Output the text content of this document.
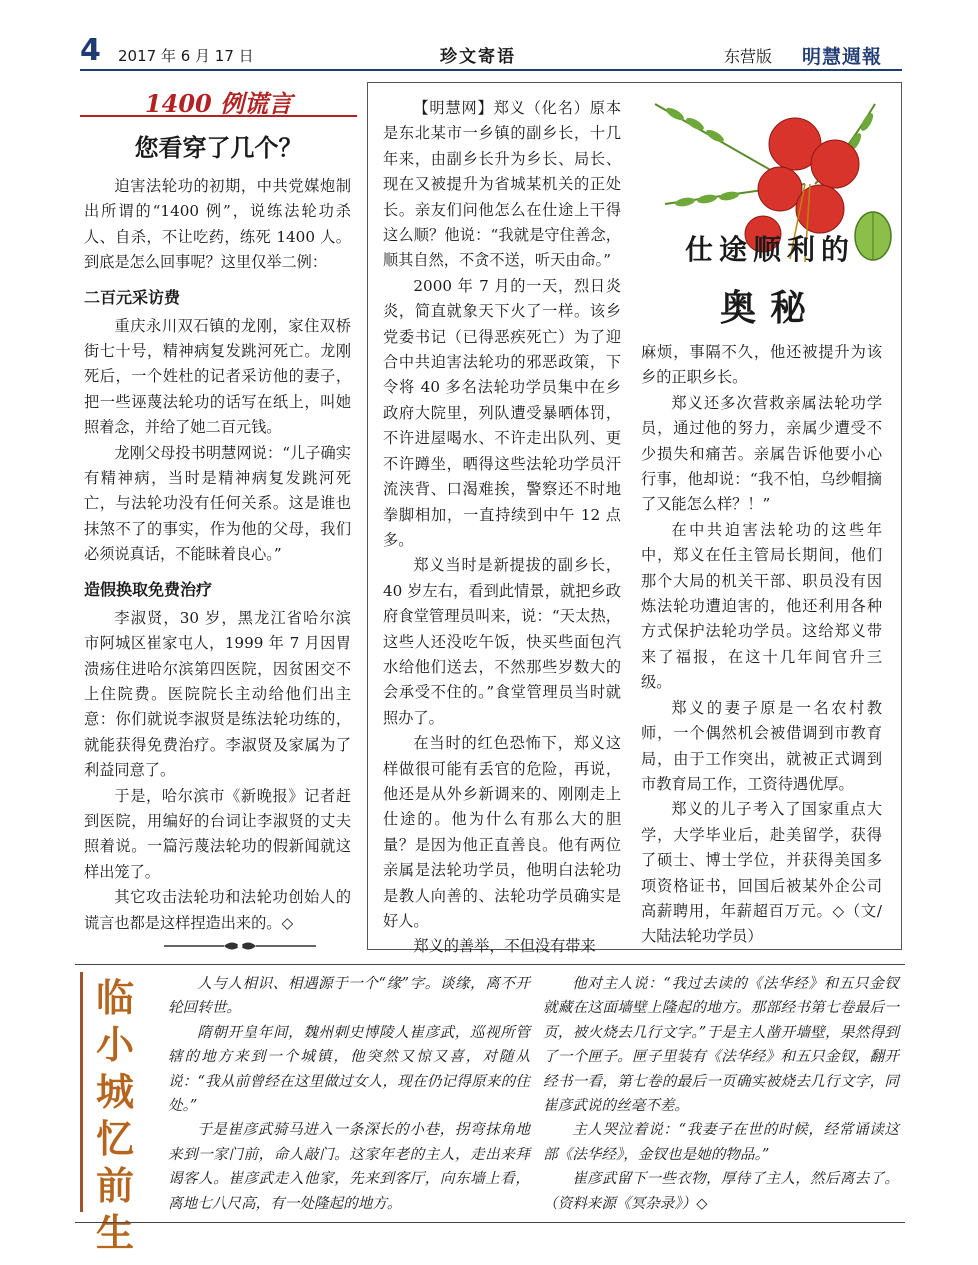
4 2017 年 6 月 17 日	珍文寄语	东营版 明慧週報
1400 例谎言
您看穿了几个？

迫害法轮功的初期，中共党媒炮制出所谓的“1400 例”，说练法轮功杀人、自杀，不让吃药，练死 1400 人。到底是怎么回事呢？这里仅举二例：

二百元采访费

重庆永川双石镇的龙刚，家住双桥街七十号，精神病复发跳河死亡。龙刚死后，一个姓杜的记者采访他的妻子，把一些诬蔑法轮功的话写在纸上，叫她照着念，并给了她二百元钱。

龙刚父母投书明慧网说：“儿子确实有精神病，当时是精神病复发跳河死亡，与法轮功没有任何关系。这是谁也抹煞不了的事实，作为他的父母，我们必须说真话，不能昧着良心。”

造假换取免费治疗

李淑贤，30 岁，黑龙江省哈尔滨市阿城区崔家屯人，1999 年 7 月因胃溃疡住进哈尔滨第四医院，因贫困交不上住院费。医院院长主动给他们出主意：你们就说李淑贤是练法轮功练的，就能获得免费治疗。李淑贤及家属为了利益同意了。

于是，哈尔滨市《新晚报》记者赶到医院，用编好的台词让李淑贤的丈夫照着说。一篇污蔑法轮功的假新闻就这样出笼了。

其它攻击法轮功和法轮功创始人的谎言也都是这样捏造出来的。◇

仕途顺利的
奥秘

【明慧网】郑义（化名）原本是东北某市一乡镇的副乡长，十几年来，由副乡长升为乡长、局长、现在又被提升为省城某机关的正处长。亲友们问他怎么在仕途上干得这么顺？他说：“我就是守住善念，顺其自然，不贪不送，听天由命。”

2000 年 7 月的一天，烈日炎炎，简直就象天下火了一样。该乡党委书记（已得恶疾死亡）为了迎合中共迫害法轮功的邪恶政策，下令将 40 多名法轮功学员集中在乡政府大院里，列队遭受暴晒体罚，不许进屋喝水、不许走出队列、更不许蹲坐，晒得这些法轮功学员汗流浃背、口渴难挨，警察还不时地拳脚相加，一直持续到中午 12 点多。

郑义当时是新提拔的副乡长，40 岁左右，看到此情景，就把乡政府食堂管理员叫来，说：“天太热，这些人还没吃午饭，快买些面包汽水给他们送去，不然那些岁数大的会承受不住的。”食堂管理员当时就照办了。

在当时的红色恐怖下，郑义这样做很可能有丢官的危险，再说，他还是从外乡新调来的、刚刚走上仕途的。他为什么有那么大的胆量？是因为他正直善良。他有两位亲属是法轮功学员，他明白法轮功是教人向善的、法轮功学员确实是好人。

郑义的善举，不但没有带来

麻烦，事隔不久，他还被提升为该乡的正职乡长。

郑义还多次营救亲属法轮功学员，通过他的努力，亲属少遭受不少损失和痛苦。亲属告诉他要小心行事，他却说：“我不怕，乌纱帽摘了又能怎么样？！”

在中共迫害法轮功的这些年中，郑义在任主管局长期间，他们那个大局的机关干部、职员没有因炼法轮功遭迫害的，他还利用各种方式保护法轮功学员。这给郑义带来了福报，在这十几年间官升三级。

郑义的妻子原是一名农村教师，一个偶然机会被借调到市教育局，由于工作突出，就被正式调到市教育局工作，工资待遇优厚。

郑义的儿子考入了国家重点大学，大学毕业后，赴美留学，获得了硕士、博士学位，并获得美国多项资格证书，回国后被某外企公司高薪聘用，年薪超百万元。◇（文/大陆法轮功学员）

临
小
城
忆
前
生

人与人相识、相遇源于一个“缘”字。谈缘，离不开轮回转世。

隋朝开皇年间，魏州刺史博陵人崔彦武，巡视所管辖的地方来到一个城镇，他突然又惊又喜，对随从说：“我从前曾经在这里做过女人，现在仍记得原来的住处。”

于是崔彦武骑马进入一条深长的小巷，拐弯抹角地来到一家门前，命人敲门。这家年老的主人，走出来拜谒客人。崔彦武走入他家，先来到客厅，向东墙上看，离地七八尺高，有一处隆起的地方。

他对主人说：“我过去读的《法华经》和五只金钗就藏在这面墙壁上隆起的地方。那部经书第七卷最后一页，被火烧去几行文字。”于是主人凿开墙壁，果然得到了一个匣子。匣子里装有《法华经》和五只金钗，翻开经书一看，第七卷的最后一页确实被烧去几行文字，同崔彦武说的丝毫不差。

主人哭泣着说：“我妻子在世的时候，经常诵读这部《法华经》，金钗也是她的物品。”

崔彦武留下一些衣物，厚待了主人，然后离去了。（资料来源《冥杂录》）◇
